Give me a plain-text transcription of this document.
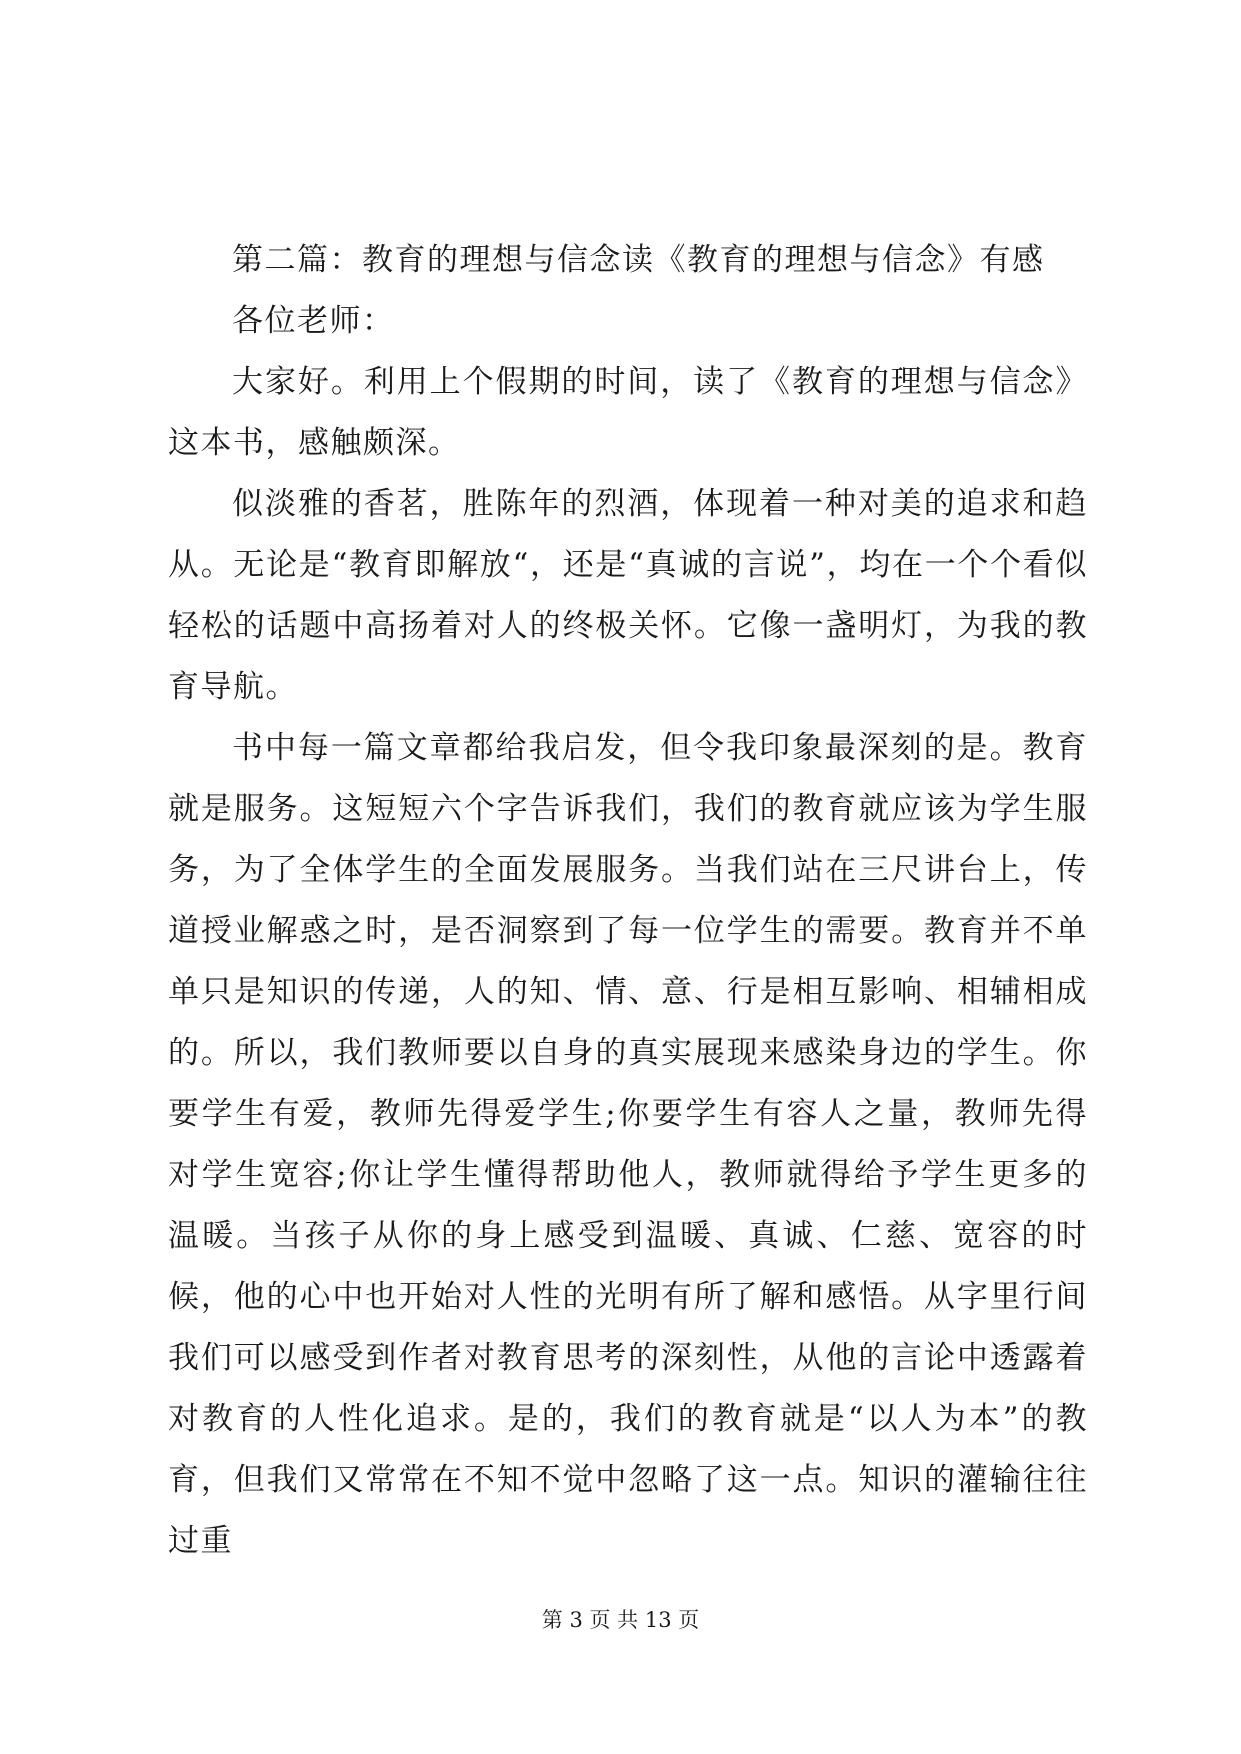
第二篇：教育的理想与信念读《教育的理想与信念》有感

各位老师：

大家好。利用上个假期的时间，读了《教育的理想与信念》这本书，感触颇深。

似淡雅的香茗，胜陈年的烈酒，体现着一种对美的追求和趋从。无论是“教育即解放“，还是“真诚的言说”，均在一个个看似轻松的话题中高扬着对人的终极关怀。它像一盏明灯，为我的教育导航。

书中每一篇文章都给我启发，但令我印象最深刻的是。教育就是服务。这短短六个字告诉我们，我们的教育就应该为学生服务，为了全体学生的全面发展服务。当我们站在三尺讲台上，传道授业解惑之时，是否洞察到了每一位学生的需要。教育并不单单只是知识的传递，人的知、情、意、行是相互影响、相辅相成的。所以，我们教师要以自身的真实展现来感染身边的学生。你要学生有爱，教师先得爱学生;你要学生有容人之量，教师先得对学生宽容;你让学生懂得帮助他人，教师就得给予学生更多的温暖。当孩子从你的身上感受到温暖、真诚、仁慈、宽容的时候，他的心中也开始对人性的光明有所了解和感悟。从字里行间我们可以感受到作者对教育思考的深刻性，从他的言论中透露着对教育的人性化追求。是的，我们的教育就是“以人为本”的教育，但我们又常常在不知不觉中忽略了这一点。知识的灌输往往过重

第 3 页 共 13 页
